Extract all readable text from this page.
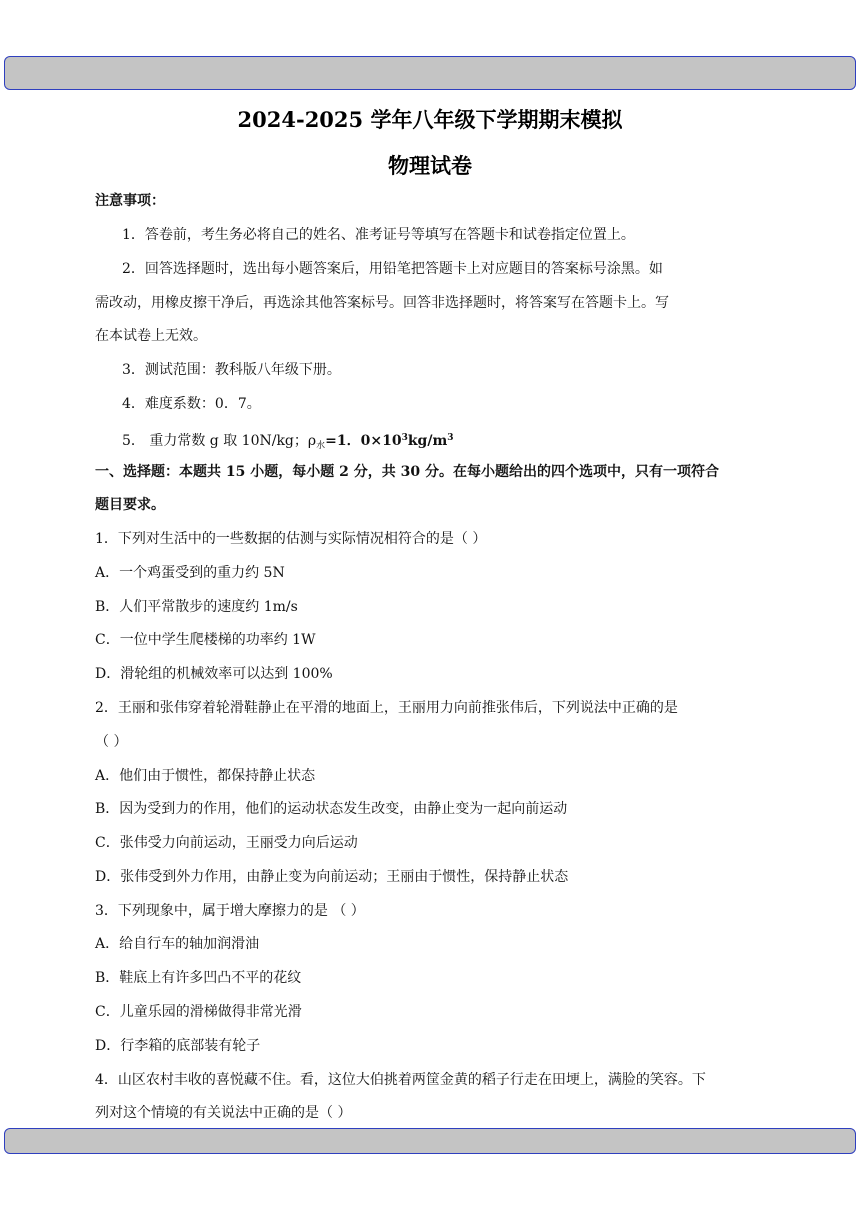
2024-2025 学年八年级下学期期末模拟
物理试卷
注意事项：
1．答卷前，考生务必将自己的姓名、准考证号等填写在答题卡和试卷指定位置上。
2．回答选择题时，选出每小题答案后，用铅笔把答题卡上对应题目的答案标号涂黑。如
需改动，用橡皮擦干净后，再选涂其他答案标号。回答非选择题时，将答案写在答题卡上。写
在本试卷上无效。
3．测试范围：教科版八年级下册。
4．难度系数：0．7。
5． 重力常数 g 取 10N/kg；$\rho_水=1$．$0\times 10^3kg/m^3$
一、选择题：本题共 15 小题，每小题 2 分，共 30 分。在每小题给出的四个选项中，只有一项符合
题目要求。
1．下列对生活中的一些数据的估测与实际情况相符合的是（ ）
A．一个鸡蛋受到的重力约 5N
B．人们平常散步的速度约 1m/s
C．一位中学生爬楼梯的功率约 1W
D．滑轮组的机械效率可以达到 100%
2．王丽和张伟穿着轮滑鞋静止在平滑的地面上，王丽用力向前推张伟后，下列说法中正确的是
（ ）
A．他们由于惯性，都保持静止状态
B．因为受到力的作用，他们的运动状态发生改变，由静止变为一起向前运动
C．张伟受力向前运动，王丽受力向后运动
D．张伟受到外力作用，由静止变为向前运动；王丽由于惯性，保持静止状态
3．下列现象中，属于增大摩擦力的是 （ ）
A．给自行车的轴加润滑油
B．鞋底上有许多凹凸不平的花纹
C．儿童乐园的滑梯做得非常光滑
D．行李箱的底部装有轮子
4．山区农村丰收的喜悦藏不住。看，这位大伯挑着两筐金黄的稻子行走在田埂上，满脸的笑容。下
列对这个情境的有关说法中正确的是（ ）
